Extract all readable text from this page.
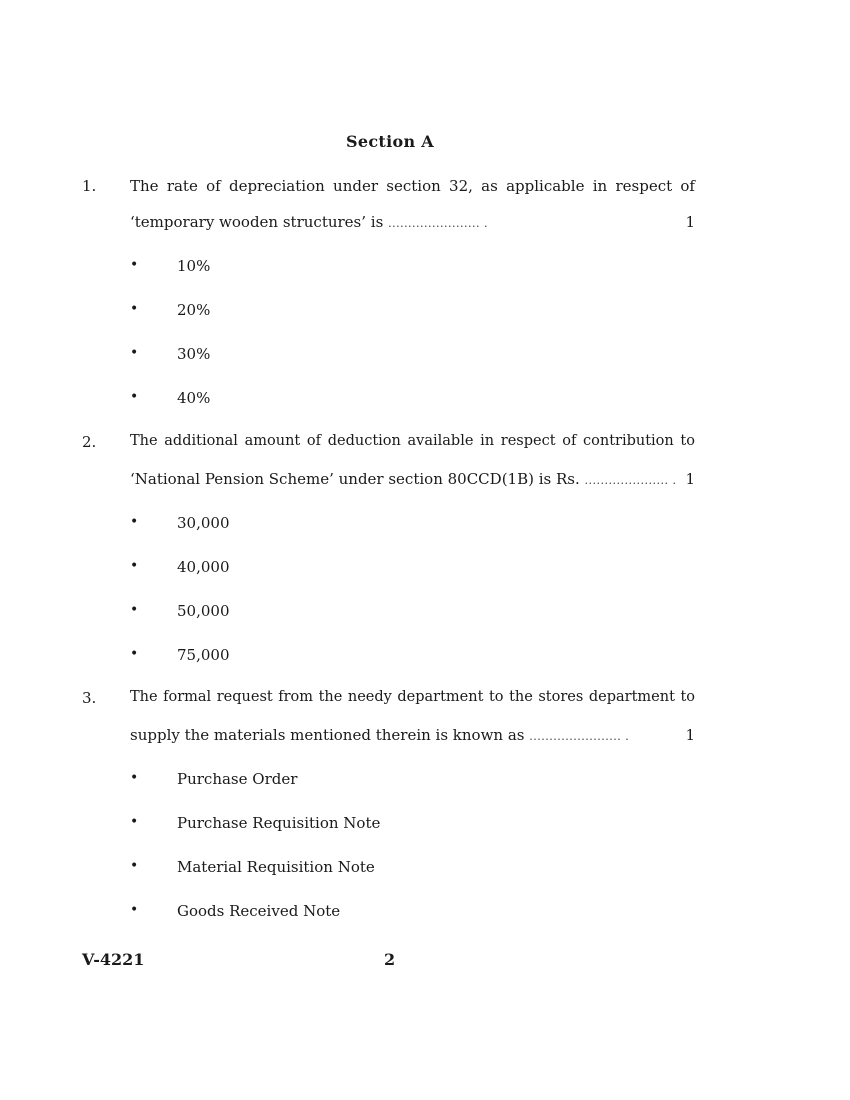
Section A
1. The rate of depreciation under section 32, as applicable in respect of
‘temporary wooden structures’ is ....................... .	1
•	10%
•	20%
•	30%
•	40%
2. The additional amount of deduction available in respect of contribution to
‘National Pension Scheme’ under section 80CCD(1B) is Rs. ..................... . 1
•	30,000
•	40,000
•	50,000
•	75,000
3. The formal request from the needy department to the stores department to
supply the materials mentioned therein is known as ....................... .	1
•	Purchase Order
•	Purchase Requisition Note
•	Material Requisition Note
•	Goods Received Note
V-4221	2
